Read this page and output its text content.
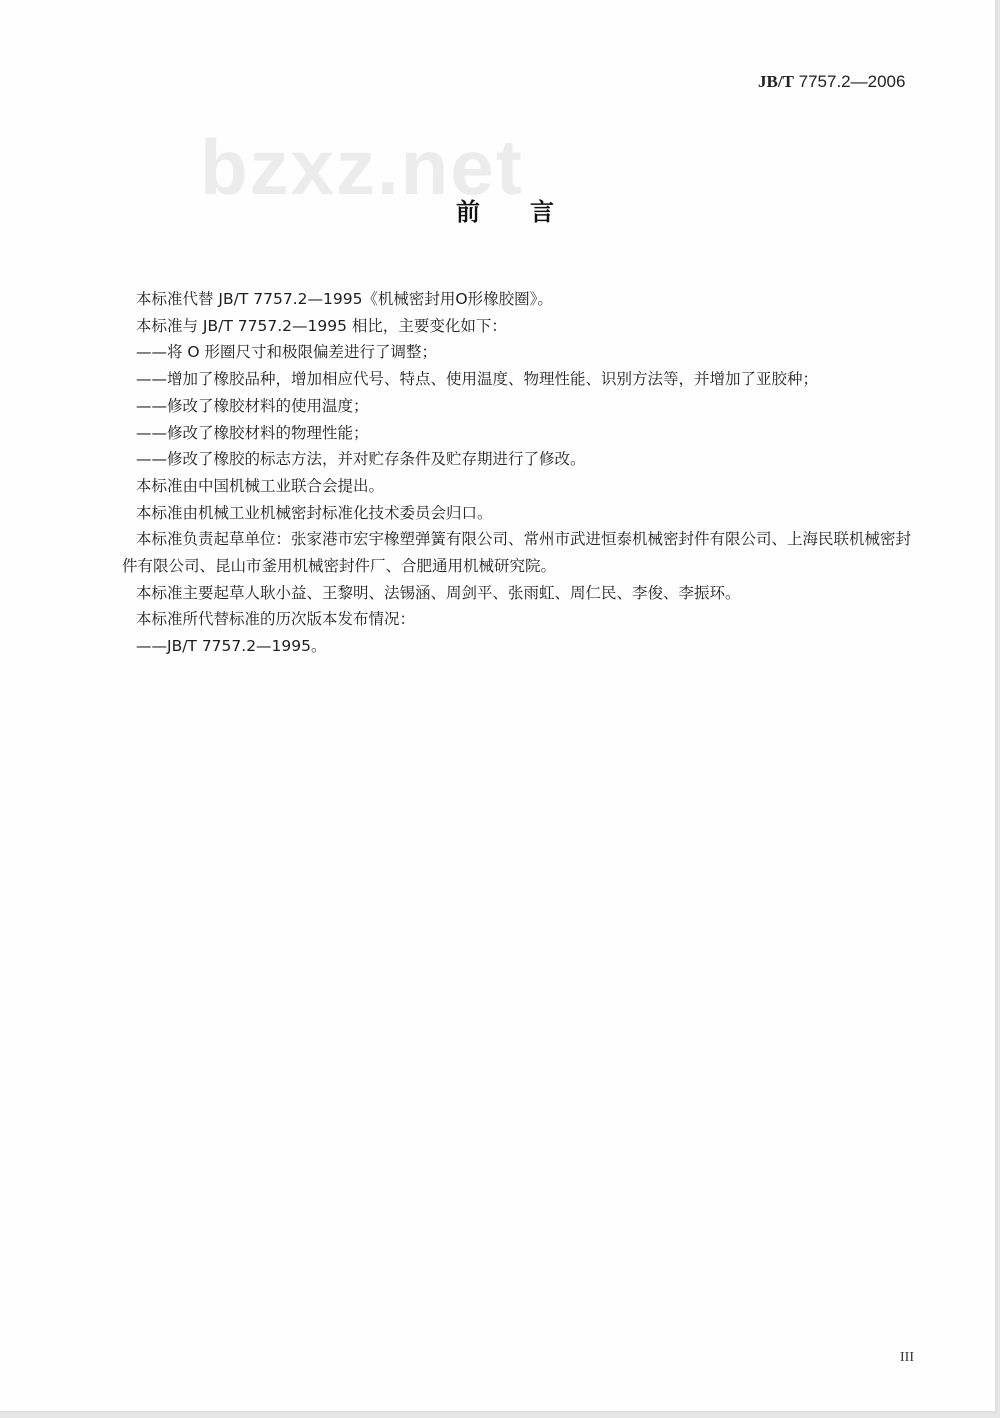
JB/T 7757.2—2006
bzxz.net
前言

本标准代替 JB/T 7757.2—1995《机械密封用O形橡胶圈》。

本标准与 JB/T 7757.2—1995 相比，主要变化如下：

——将 O 形圈尺寸和极限偏差进行了调整；

——增加了橡胶品种，增加相应代号、特点、使用温度、物理性能、识别方法等，并增加了亚胶种；

——修改了橡胶材料的使用温度；

——修改了橡胶材料的物理性能；

——修改了橡胶的标志方法，并对贮存条件及贮存期进行了修改。

本标准由中国机械工业联合会提出。

本标准由机械工业机械密封标准化技术委员会归口。

本标准负责起草单位：张家港市宏宇橡塑弹簧有限公司、常州市武进恒泰机械密封件有限公司、上海民联机械密封件有限公司、昆山市釜用机械密封件厂、合肥通用机械研究院。

本标准主要起草人耿小益、王黎明、法锡涵、周剑平、张雨虹、周仁民、李俊、李振环。

本标准所代替标准的历次版本发布情况：

——JB/T 7757.2—1995。

III
